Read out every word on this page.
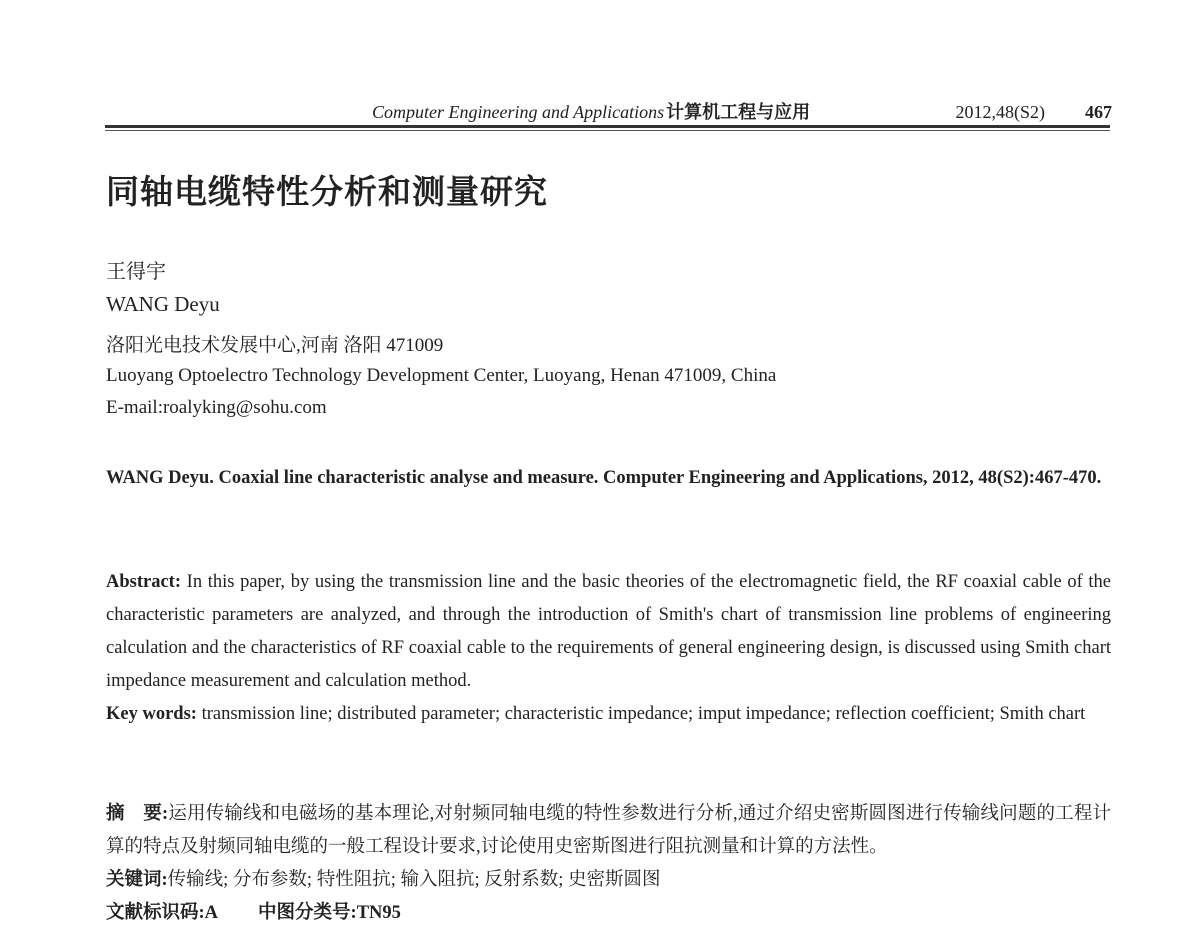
Computer Engineering and Applications 计算机工程与应用	2012,48(S2) 467
同轴电缆特性分析和测量研究
王得宇
WANG Deyu
洛阳光电技术发展中心,河南 洛阳 471009
Luoyang Optoelectro Technology Development Center, Luoyang, Henan 471009, China
E-mail:roalyking@sohu.com
WANG Deyu. Coaxial line characteristic analyse and measure. Computer Engineering and Applications, 2012, 48(S2):467-470.
Abstract: In this paper, by using the transmission line and the basic theories of the electromagnetic field, the RF coaxial cable of the characteristic parameters are analyzed, and through the introduction of Smith's chart of transmission line problems of engineering calculation and the characteristics of RF coaxial cable to the requirements of general engineering design, is discussed using Smith chart impedance measurement and calculation method.
Key words: transmission line; distributed parameter; characteristic impedance; imput impedance; reflection coefficient; Smith chart
摘　要:运用传输线和电磁场的基本理论,对射频同轴电缆的特性参数进行分析,通过介绍史密斯圆图进行传输线问题的工程计算的特点及射频同轴电缆的一般工程设计要求,讨论使用史密斯图进行阻抗测量和计算的方法性。
关键词:传输线; 分布参数; 特性阻抗; 输入阻抗; 反射系数; 史密斯圆图
文献标识码:A 中图分类号:TN95
